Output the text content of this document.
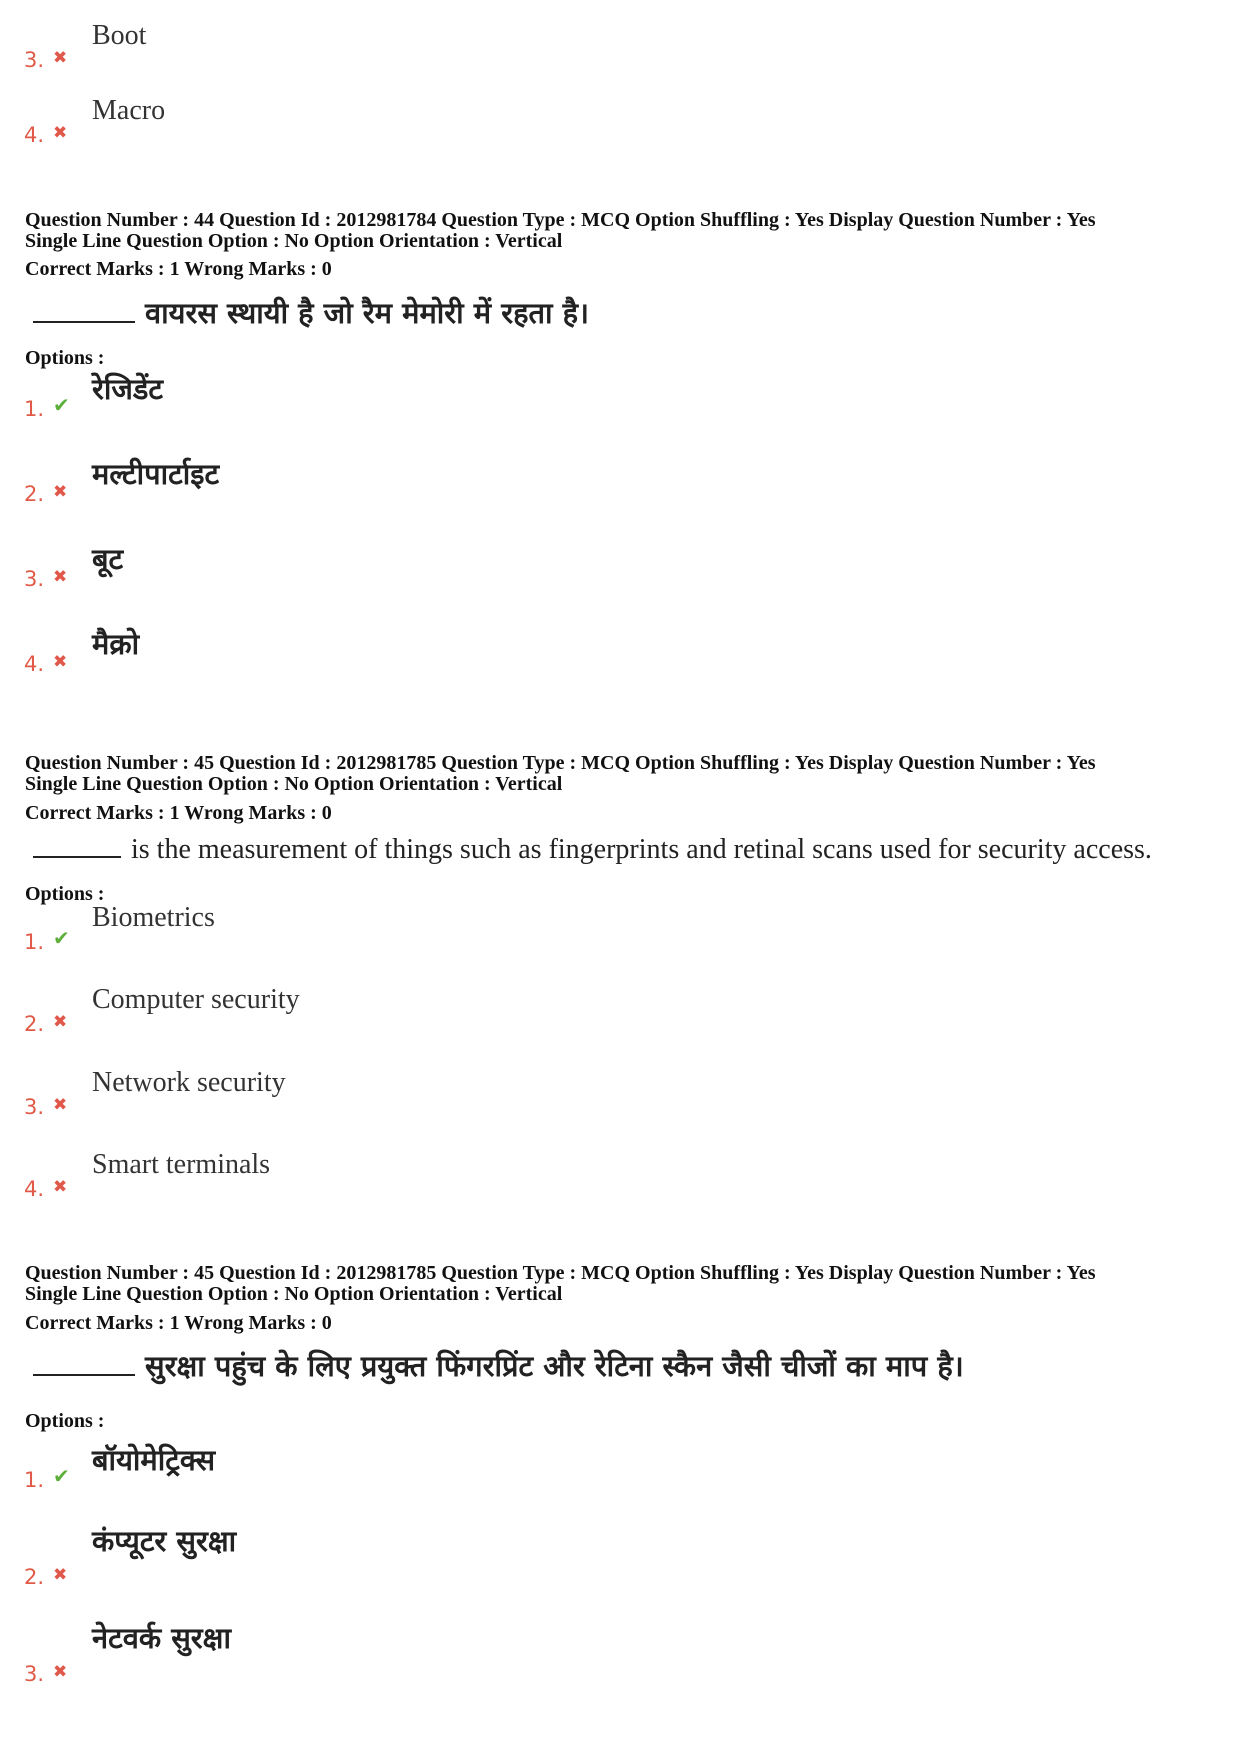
3. ✖
Boot
4. ✖
Macro
Question Number : 44 Question Id : 2012981784 Question Type : MCQ Option Shuffling : Yes Display Question Number : Yes
Single Line Question Option : No Option Orientation : Vertical
Correct Marks : 1 Wrong Marks : 0
वायरस स्थायी है जो रैम मेमोरी में रहता है।
Options :
1. ✔ रेजिडेंट
2. ✖
मल्टीपार्टाइट
3. ✖
बूट
4. ✖
मैक्रो
Question Number : 45 Question Id : 2012981785 Question Type : MCQ Option Shuffling : Yes Display Question Number : Yes
Single Line Question Option : No Option Orientation : Vertical
Correct Marks : 1 Wrong Marks : 0
is the measurement of things such as fingerprints and retinal scans used for security access.
Options :
1. ✔
Biometrics
2. ✖
Computer security
3. ✖
Network security
4. ✖
Smart terminals
Question Number : 45 Question Id : 2012981785 Question Type : MCQ Option Shuffling : Yes Display Question Number : Yes
Single Line Question Option : No Option Orientation : Vertical
Correct Marks : 1 Wrong Marks : 0
सुरक्षा पहुंच के लिए प्रयुक्त फिंगरप्रिंट और रेटिना स्कैन जैसी चीजों का माप है।
Options :
1. ✔ बॉयोमेट्रिक्स
2. ✖
कंप्यूटर सुरक्षा
3. ✖
नेटवर्क सुरक्षा
